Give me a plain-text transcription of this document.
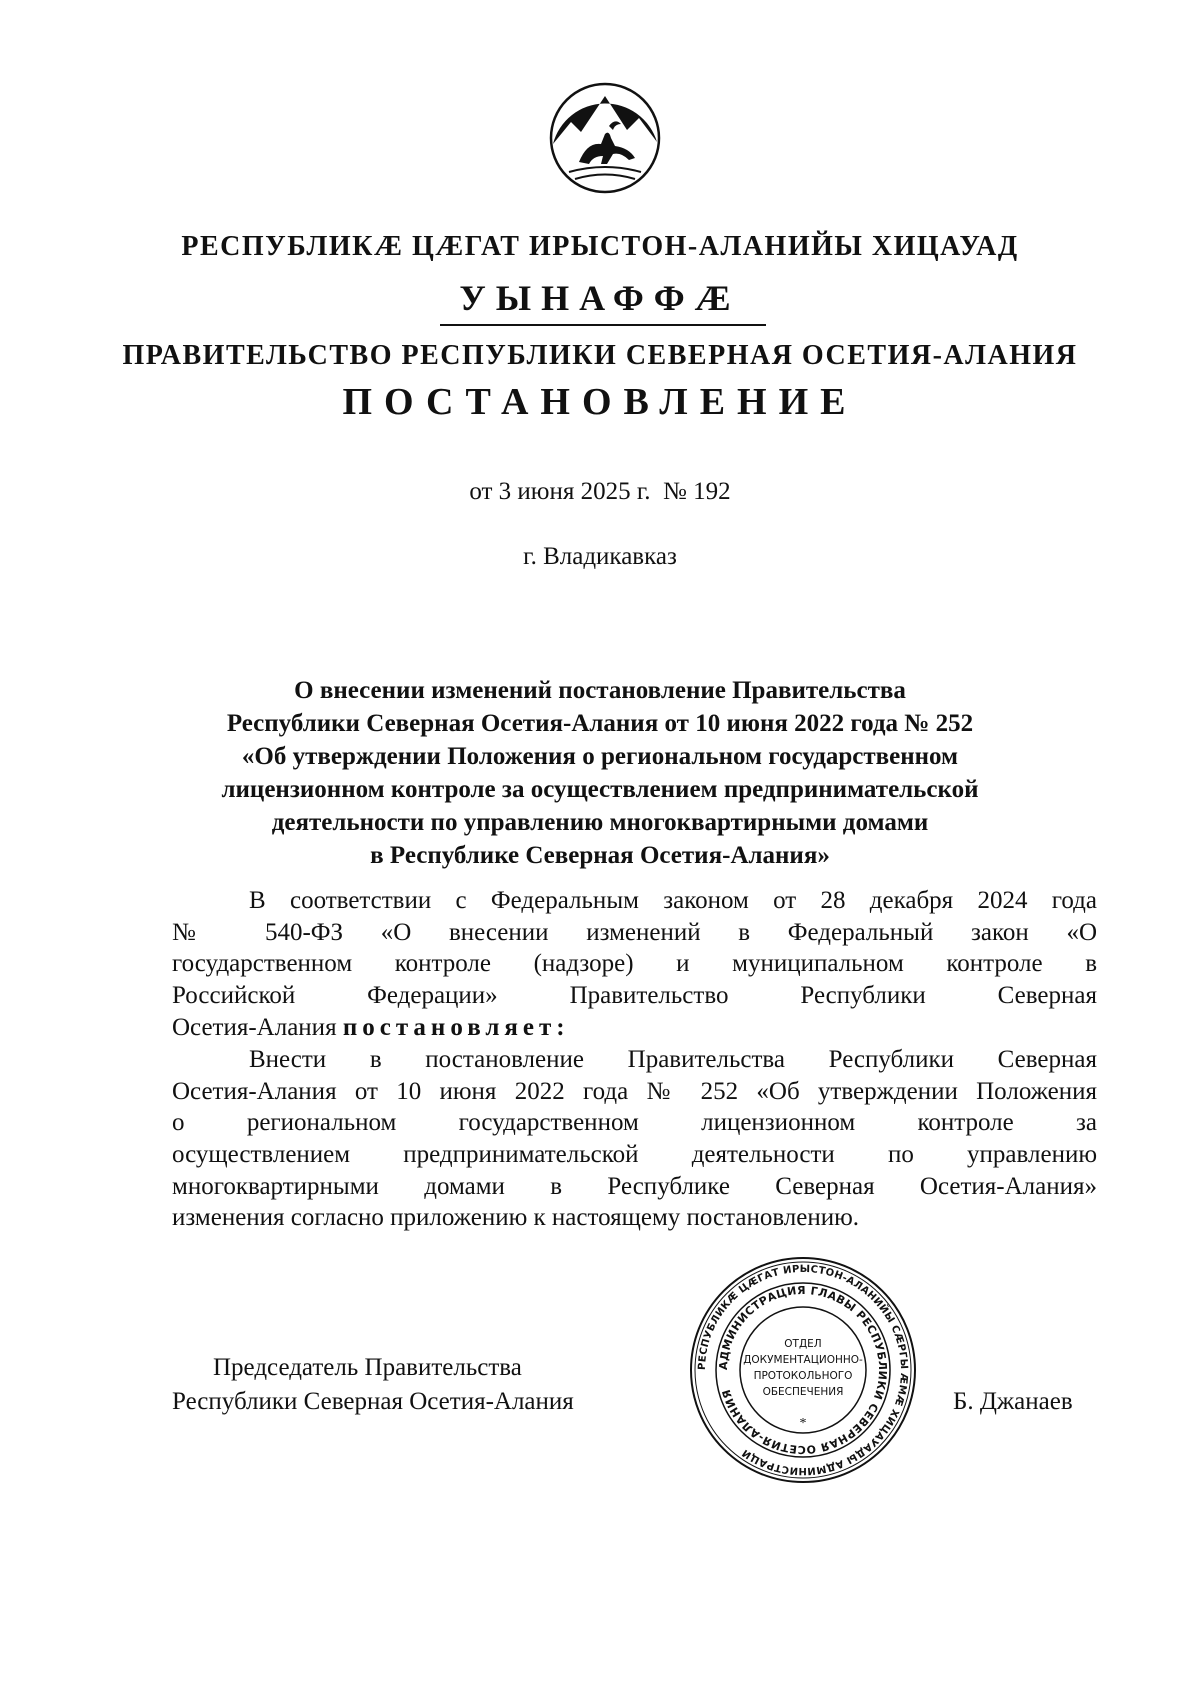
РЕСПУБЛИКӔ ЦӔГАТ ИРЫСТОН-АЛАНИЙЫ ХИЦАУАД
УЫНАФФӔ
ПРАВИТЕЛЬСТВО РЕСПУБЛИКИ СЕВЕРНАЯ ОСЕТИЯ-АЛАНИЯ
ПОСТАНОВЛЕНИЕ
от 3 июня 2025 г.  № 192
г. Владикавказ
О внесении изменений постановление Правительства
Республики Северная Осетия-Алания от 10 июня 2022 года № 252
«Об утверждении Положения о региональном государственном
лицензионном контроле за осуществлением предпринимательской
деятельности по управлению многоквартирными домами
в Республике Северная Осетия-Алания»
В соответствии с Федеральным законом от 28 декабря 2024 года
№ 540-ФЗ «О внесении изменений в Федеральный закон «О
государственном контроле (надзоре) и муниципальном контроле в
Российской Федерации» Правительство Республики Северная
Осетия-Алания постановляет:
Внести в постановление Правительства Республики Северная
Осетия-Алания от 10 июня 2022 года № 252 «Об утверждении Положения
о региональном государственном лицензионном контроле за
осуществлением предпринимательской деятельности по управлению
многоквартирными домами в Республике Северная Осетия-Алания»
изменения согласно приложению к настоящему постановлению.
Председатель Правительства
Республики Северная Осетия-Алания	Б. Джанаев
РЕСПУБЛИКӔ ЦӔГАТ ИРЫСТОН-АЛАНИЙЫ СӔРГЫ ӔМӔ ХИЦАУАДЫ АДМИНИСТРАЦИ
АДМИНИСТРАЦИЯ ГЛАВЫ РЕСПУБЛИКИ СЕВЕРНАЯ ОСЕТИЯ-АЛАНИЯ
ОТДЕЛ
ДОКУМЕНТАЦИОННО-
ПРОТОКОЛЬНОГО
ОБЕСПЕЧЕНИЯ
*
